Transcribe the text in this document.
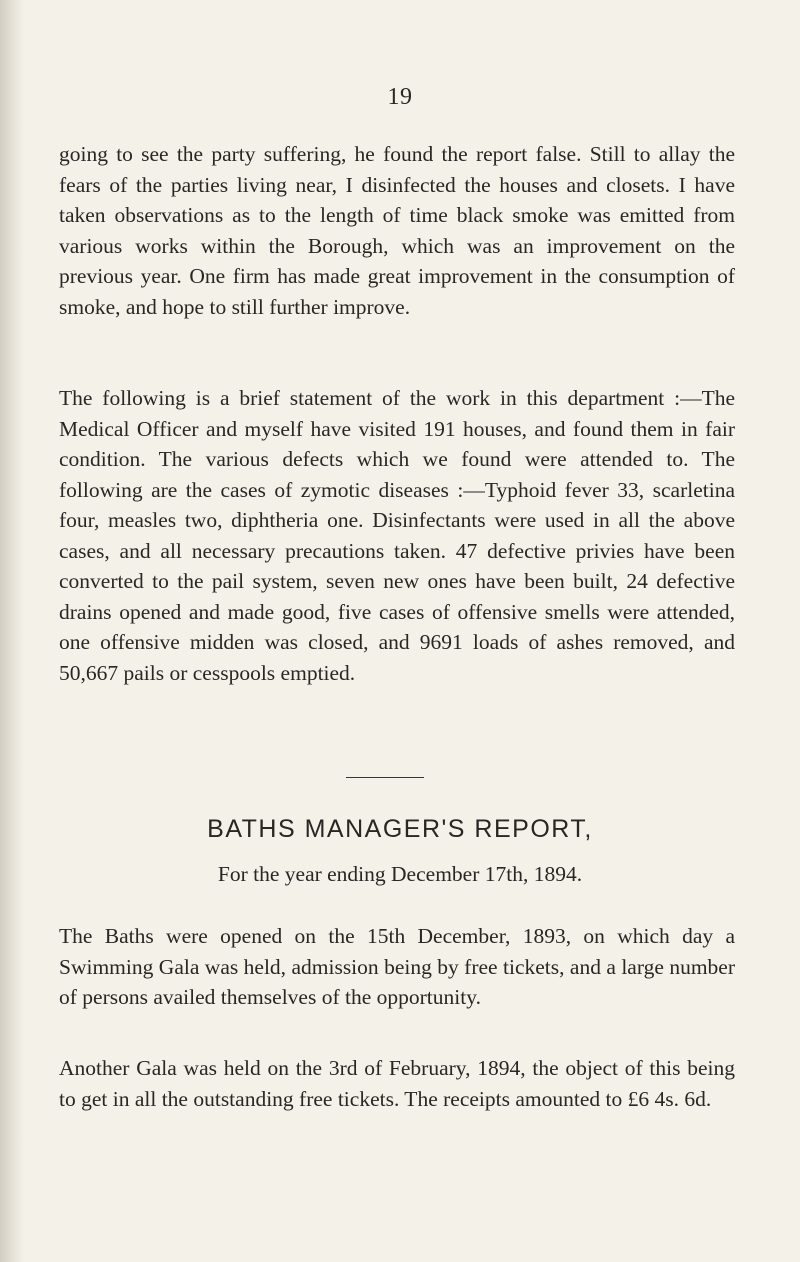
19

going to see the party suffering, he found the report false. Still to allay the fears of the parties living near, I disinfected the houses and closets. I have taken observations as to the length of time black smoke was emitted from various works within the Borough, which was an improvement on the previous year. One firm has made great improvement in the consumption of smoke, and hope to still further improve.

The following is a brief statement of the work in this department :—The Medical Officer and myself have visited 191 houses, and found them in fair condition. The various defects which we found were attended to. The following are the cases of zymotic diseases :—Typhoid fever 33, scarletina four, measles two, diphtheria one. Disinfectants were used in all the above cases, and all necessary precautions taken. 47 defective privies have been converted to the pail system, seven new ones have been built, 24 defective drains opened and made good, five cases of offensive smells were attended, one offensive midden was closed, and 9691 loads of ashes removed, and 50,667 pails or cesspools emptied.

BATHS MANAGER'S REPORT,
For the year ending December 17th, 1894.

The Baths were opened on the 15th December, 1893, on which day a Swimming Gala was held, admission being by free tickets, and a large number of persons availed themselves of the opportunity.

Another Gala was held on the 3rd of February, 1894, the object of this being to get in all the outstanding free tickets. The receipts amounted to £6 4s. 6d.
